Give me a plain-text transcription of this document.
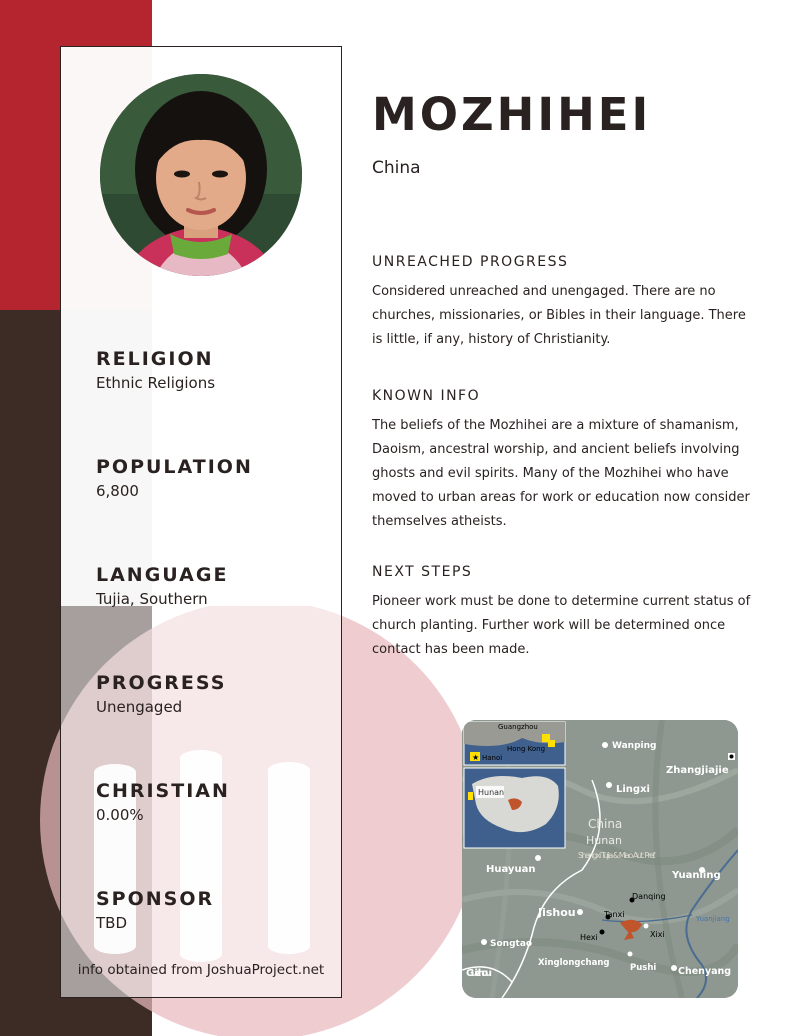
RELIGION
Ethnic Religions
POPULATION
6,800
LANGUAGE
Tujia, Southern
PROGRESS
Unengaged
CHRISTIAN
0.00%
SPONSOR
TBD
info obtained from JoshuaProject.net
MOZHIHEI
China
UNREACHED PROGRESS
Considered unreached and unengaged. There are no churches, missionaries, or Bibles in their language. There is little, if any, history of Christianity.
KNOWN INFO
The beliefs of the Mozhihei are a mixture of shamanism, Daoism, ancestral worship, and ancient beliefs involving ghosts and evil spirits. Many of the Mozhihei who have moved to urban areas for work or education now consider themselves atheists.
NEXT STEPS
Pioneer work must be done to determine current status of church planting. Further work will be determined once contact has been made.
Guangzhou
Hong Kong
★ Hanoi
Hunan
Wanping
Zhangjiajie
Lingxi
China
Hunan
Shangxi Tujia & Miao Aut. Pref.
Huayuan
Yuanling
Danqing
Jishou	Tanxi
Hexi	Xixi
Yuanjiang
Songtao
Xinglongchang Pushi Chenyang
Gui-zhou
